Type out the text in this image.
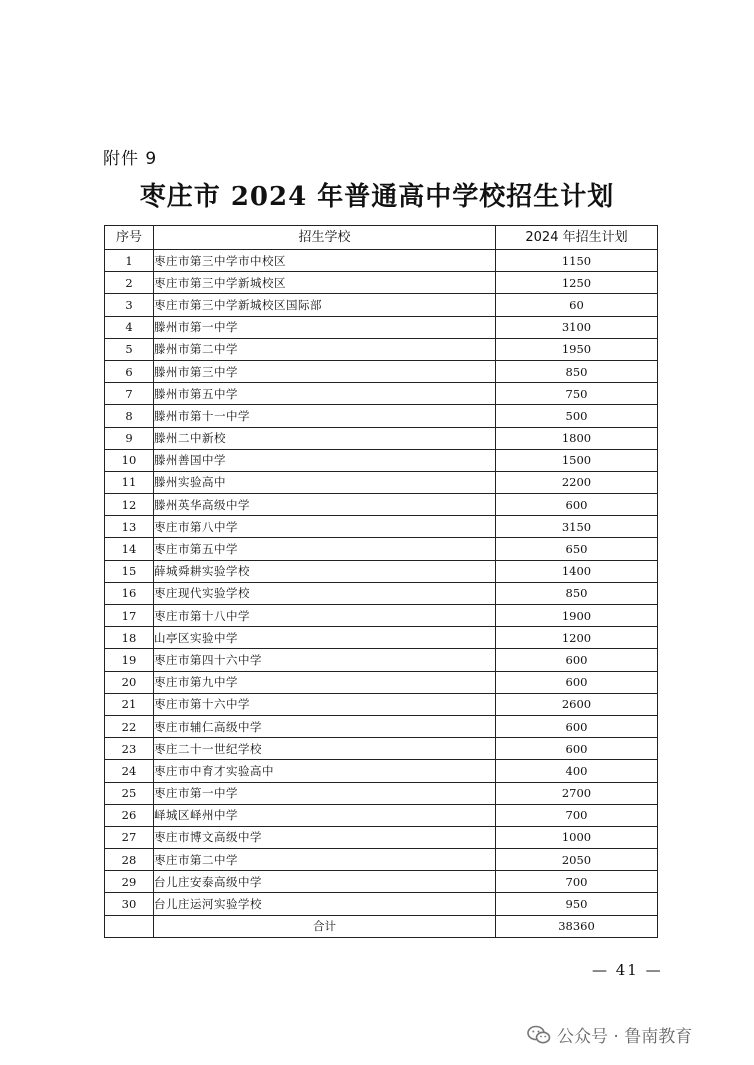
附件 9
枣庄市 2024 年普通高中学校招生计划
序号	招生学校	2024 年招生计划
1	枣庄市第三中学市中校区	1150
2	枣庄市第三中学新城校区	1250
3	枣庄市第三中学新城校区国际部	60
4	滕州市第一中学	3100
5	滕州市第二中学	1950
6	滕州市第三中学	850
7	滕州市第五中学	750
8	滕州市第十一中学	500
9	滕州二中新校	1800
10	滕州善国中学	1500
11	滕州实验高中	2200
12	滕州英华高级中学	600
13	枣庄市第八中学	3150
14	枣庄市第五中学	650
15	薛城舜耕实验学校	1400
16	枣庄现代实验学校	850
17	枣庄市第十八中学	1900
18	山亭区实验中学	1200
19	枣庄市第四十六中学	600
20	枣庄市第九中学	600
21	枣庄市第十六中学	2600
22	枣庄市辅仁高级中学	600
23	枣庄二十一世纪学校	600
24	枣庄市中育才实验高中	400
25	枣庄市第一中学	2700
26	峄城区峄州中学	700
27	枣庄市博文高级中学	1000
28	枣庄市第二中学	2050
29	台儿庄安泰高级中学	700
30	台儿庄运河实验学校	950
	合计	38360
— 41 —
公众号 · 鲁南教育
